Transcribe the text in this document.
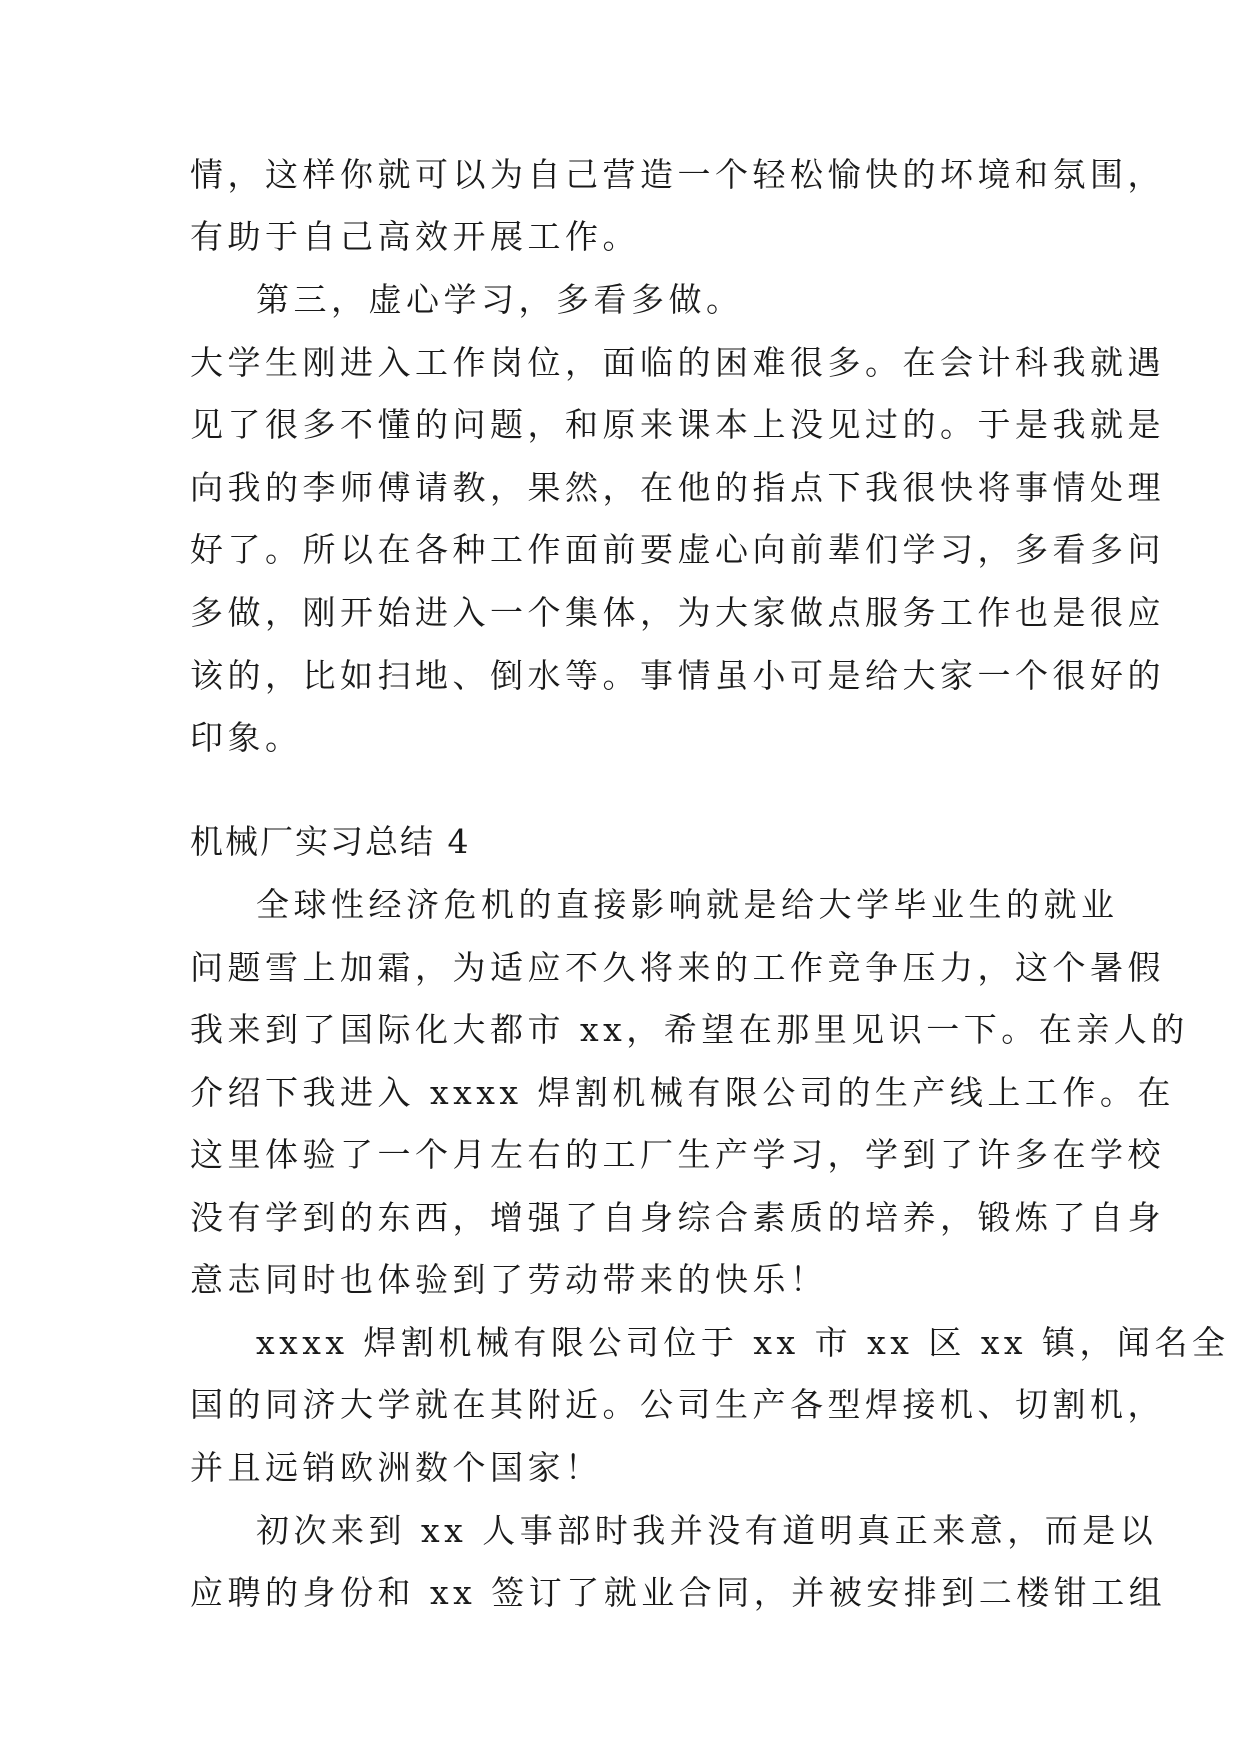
情，这样你就可以为自己营造一个轻松愉快的坏境和氛围，
有助于自己高效开展工作。
第三，虚心学习，多看多做。
大学生刚进入工作岗位，面临的困难很多。在会计科我就遇
见了很多不懂的问题，和原来课本上没见过的。于是我就是
向我的李师傅请教，果然，在他的指点下我很快将事情处理
好了。所以在各种工作面前要虚心向前辈们学习，多看多问
多做，刚开始进入一个集体，为大家做点服务工作也是很应
该的，比如扫地、倒水等。事情虽小可是给大家一个很好的
印象。
机械厂实习总结 4
全球性经济危机的直接影响就是给大学毕业生的就业
问题雪上加霜，为适应不久将来的工作竞争压力，这个暑假
我来到了国际化大都市 xx，希望在那里见识一下。在亲人的
介绍下我进入 xxxx 焊割机械有限公司的生产线上工作。在
这里体验了一个月左右的工厂生产学习，学到了许多在学校
没有学到的东西，增强了自身综合素质的培养，锻炼了自身
意志同时也体验到了劳动带来的快乐！
xxxx 焊割机械有限公司位于 xx 市 xx 区 xx 镇，闻名全
国的同济大学就在其附近。公司生产各型焊接机、切割机，
并且远销欧洲数个国家！
初次来到 xx 人事部时我并没有道明真正来意，而是以
应聘的身份和 xx 签订了就业合同，并被安排到二楼钳工组
